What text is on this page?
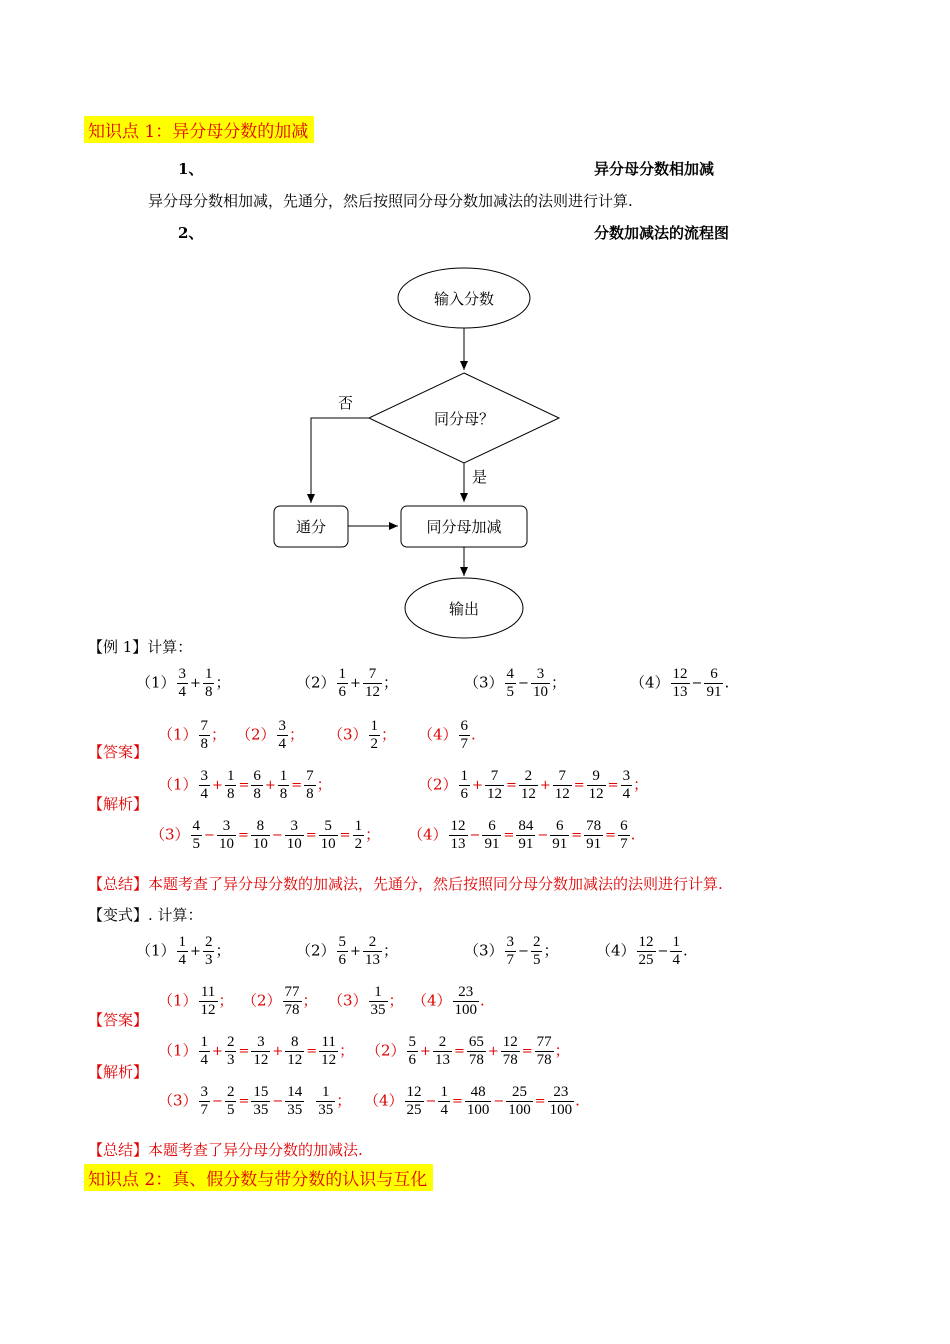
知识点 1：异分母分数的加减
1、	异分母分数相加减
异分母分数相加减，先通分，然后按照同分母分数加减法的法则进行计算.
2、	分数加减法的流程图
输入分数
同分母？
否
是
通分	同分母加减
输出
【例 1】计算：
$(1) \frac{3}{4} + \frac{1}{8}$ ；	$(2) \frac{1}{6} + \frac{7}{12}$ ；	$(3) \frac{4}{5} - \frac{3}{10}$ ；	$(4) \frac{12}{13} - \frac{6}{91}$ .
【答案】
$(1) \frac{7}{8}$ ； $(2) \frac{3}{4}$ ； $(3) \frac{1}{2}$ ； $(4) \frac{6}{7}$ .
【解析】
$(1) \frac{3}{4} + \frac{1}{8} = \frac{6}{8} + \frac{1}{8} = \frac{7}{8}$ ；	$(2) \frac{1}{6} + \frac{7}{12} = \frac{2}{12} + \frac{7}{12} = \frac{9}{12} = \frac{3}{4}$ ；
$(3) \frac{4}{5} - \frac{3}{10} = \frac{8}{10} - \frac{3}{10} = \frac{5}{10} = \frac{1}{2}$ ； $(4) \frac{12}{13} - \frac{6}{91} = \frac{84}{91} - \frac{6}{91} = \frac{78}{91} = \frac{6}{7}$ .
【总结】本题考查了异分母分数的加减法，先通分，然后按照同分母分数加减法的法则进行计算.
【变式】. 计算：
$(1) \frac{1}{4} + \frac{2}{3}$ ；	$(2) \frac{5}{6} + \frac{2}{13}$ ；	$(3) \frac{3}{7} - \frac{2}{5}$ ；	$(4) \frac{12}{25} - \frac{1}{4}$ .
【答案】
$(1) \frac{11}{12}$ ； $(2) \frac{77}{78}$ ； $(3) \frac{1}{35}$ ； $(4) \frac{23}{100}$ .
【解析】
$(1) \frac{1}{4} + \frac{2}{3} = \frac{3}{12} + \frac{8}{12} = \frac{11}{12}$ ； $(2) \frac{5}{6} + \frac{2}{13} = \frac{65}{78} + \frac{12}{78} = \frac{77}{78}$ ；
$(3) \frac{3}{7} - \frac{2}{5} = \frac{15}{35} - \frac{14}{35} \frac{1}{35}$ ； $(4) \frac{12}{25} - \frac{1}{4} = \frac{48}{100} - \frac{25}{100} = \frac{23}{100}$ .
【总结】本题考查了异分母分数的加减法.
知识点 2：真、假分数与带分数的认识与互化
